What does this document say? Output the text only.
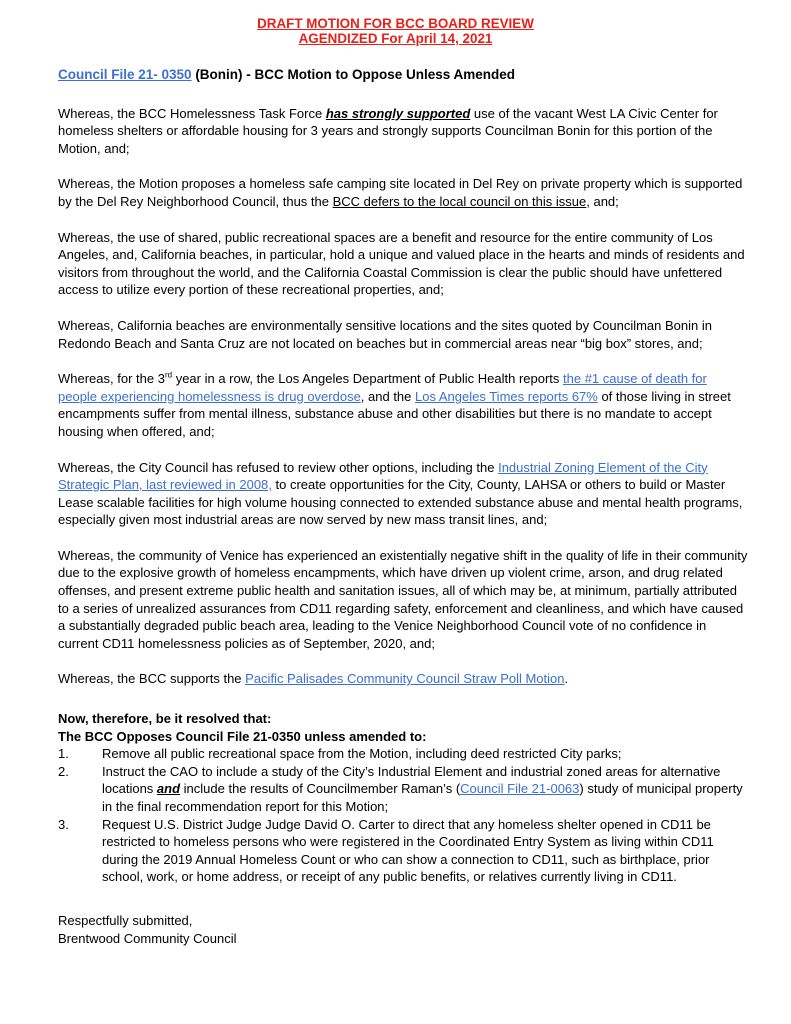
DRAFT MOTION FOR BCC BOARD REVIEW
AGENDIZED For April 14, 2021

Council File 21- 0350 (Bonin) - BCC Motion to Oppose Unless Amended

Whereas, the BCC Homelessness Task Force has strongly supported use of the vacant West LA Civic Center for homeless shelters or affordable housing for 3 years and strongly supports Councilman Bonin for this portion of the Motion, and;

Whereas, the Motion proposes a homeless safe camping site located in Del Rey on private property which is supported by the Del Rey Neighborhood Council, thus the BCC defers to the local council on this issue, and;

Whereas, the use of shared, public recreational spaces are a benefit and resource for the entire community of Los Angeles, and, California beaches, in particular, hold a unique and valued place in the hearts and minds of residents and visitors from throughout the world, and the California Coastal Commission is clear the public should have unfettered access to utilize every portion of these recreational properties, and;

Whereas, California beaches are environmentally sensitive locations and the sites quoted by Councilman Bonin in Redondo Beach and Santa Cruz are not located on beaches but in commercial areas near “big box” stores, and;

Whereas, for the 3rd year in a row, the Los Angeles Department of Public Health reports the #1 cause of death for people experiencing homelessness is drug overdose, and the Los Angeles Times reports 67% of those living in street encampments suffer from mental illness, substance abuse and other disabilities but there is no mandate to accept housing when offered, and;

Whereas, the City Council has refused to review other options, including the Industrial Zoning Element of the City Strategic Plan, last reviewed in 2008, to create opportunities for the City, County, LAHSA or others to build or Master Lease scalable facilities for high volume housing connected to extended substance abuse and mental health programs, especially given most industrial areas are now served by new mass transit lines, and;

Whereas, the community of Venice has experienced an existentially negative shift in the quality of life in their community due to the explosive growth of homeless encampments, which have driven up violent crime, arson, and drug related offenses, and present extreme public health and sanitation issues, all of which may be, at minimum, partially attributed to a series of unrealized assurances from CD11 regarding safety, enforcement and cleanliness, and which have caused a substantially degraded public beach area, leading to the Venice Neighborhood Council vote of no confidence in current CD11 homelessness policies as of September, 2020, and;

Whereas, the BCC supports the Pacific Palisades Community Council Straw Poll Motion.

Now, therefore, be it resolved that:
The BCC Opposes Council File 21-0350 unless amended to:
1.	Remove all public recreational space from the Motion, including deed restricted City parks;
2.	Instruct the CAO to include a study of the City’s Industrial Element and industrial zoned areas for alternative locations and include the results of Councilmember Raman’s (Council File 21-0063) study of municipal property in the final recommendation report for this Motion;
3.	Request U.S. District Judge Judge David O. Carter to direct that any homeless shelter opened in CD11 be restricted to homeless persons who were registered in the Coordinated Entry System as living within CD11 during the 2019 Annual Homeless Count or who can show a connection to CD11, such as birthplace, prior school, work, or home address, or receipt of any public benefits, or relatives currently living in CD11.
Respectfully submitted,
Brentwood Community Council
